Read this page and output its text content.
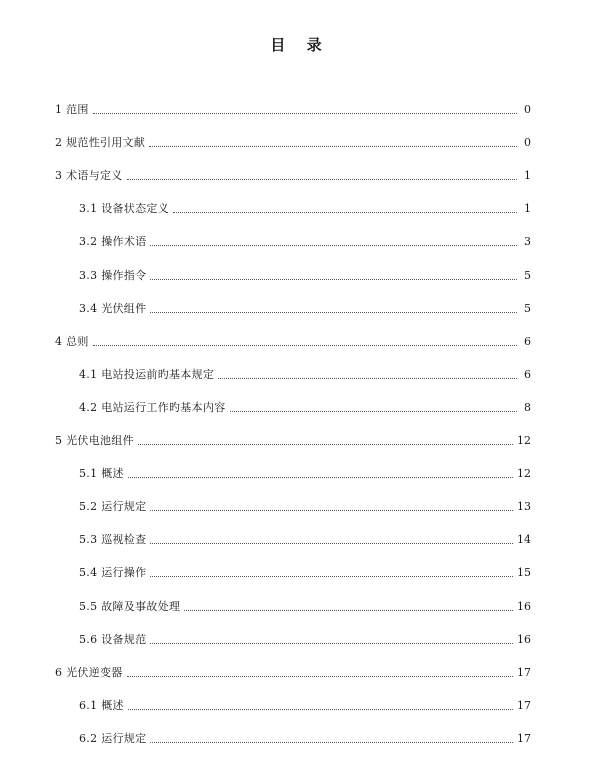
目 录
1 范围	0
2 规范性引用文献	0
3 术语与定义	1
3.1 设备状态定义	1
3.2 操作术语	3
3.3 操作指令	5
3.4 光伏组件	5
4 总则	6
4.1 电站投运前旳基本规定	6
4.2 电站运行工作旳基本内容	8
5 光伏电池组件	12
5.1 概述	12
5.2 运行规定	13
5.3 巡视检查	14
5.4 运行操作	15
5.5 故障及事故处理	16
5.6 设备规范	16
6 光伏逆变器	17
6.1 概述	17
6.2 运行规定	17
